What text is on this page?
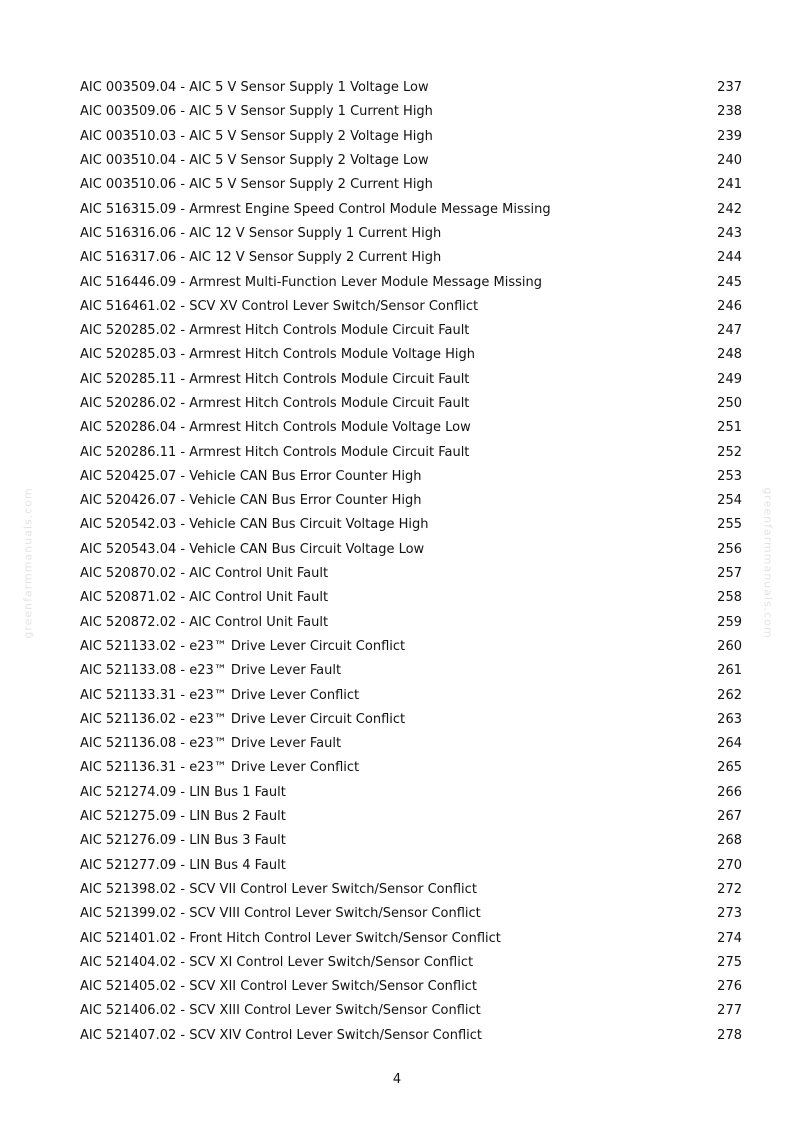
AIC 003509.04 - AIC 5 V Sensor Supply 1 Voltage Low	237
AIC 003509.06 - AIC 5 V Sensor Supply 1 Current High	238
AIC 003510.03 - AIC 5 V Sensor Supply 2 Voltage High	239
AIC 003510.04 - AIC 5 V Sensor Supply 2 Voltage Low	240
AIC 003510.06 - AIC 5 V Sensor Supply 2 Current High	241
AIC 516315.09 - Armrest Engine Speed Control Module Message Missing	242
AIC 516316.06 - AIC 12 V Sensor Supply 1 Current High	243
AIC 516317.06 - AIC 12 V Sensor Supply 2 Current High	244
AIC 516446.09 - Armrest Multi-Function Lever Module Message Missing	245
AIC 516461.02 - SCV XV Control Lever Switch/Sensor Conflict	246
AIC 520285.02 - Armrest Hitch Controls Module Circuit Fault	247
AIC 520285.03 - Armrest Hitch Controls Module Voltage High	248
AIC 520285.11 - Armrest Hitch Controls Module Circuit Fault	249
AIC 520286.02 - Armrest Hitch Controls Module Circuit Fault	250
AIC 520286.04 - Armrest Hitch Controls Module Voltage Low	251
AIC 520286.11 - Armrest Hitch Controls Module Circuit Fault	252
AIC 520425.07 - Vehicle CAN Bus Error Counter High	253
AIC 520426.07 - Vehicle CAN Bus Error Counter High	254
AIC 520542.03 - Vehicle CAN Bus Circuit Voltage High	255
AIC 520543.04 - Vehicle CAN Bus Circuit Voltage Low	256
AIC 520870.02 - AIC Control Unit Fault	257
AIC 520871.02 - AIC Control Unit Fault	258
AIC 520872.02 - AIC Control Unit Fault	259
AIC 521133.02 - e23™ Drive Lever Circuit Conflict	260
AIC 521133.08 - e23™ Drive Lever Fault	261
AIC 521133.31 - e23™ Drive Lever Conflict	262
AIC 521136.02 - e23™ Drive Lever Circuit Conflict	263
AIC 521136.08 - e23™ Drive Lever Fault	264
AIC 521136.31 - e23™ Drive Lever Conflict	265
AIC 521274.09 - LIN Bus 1 Fault	266
AIC 521275.09 - LIN Bus 2 Fault	267
AIC 521276.09 - LIN Bus 3 Fault	268
AIC 521277.09 - LIN Bus 4 Fault	270
AIC 521398.02 - SCV VII Control Lever Switch/Sensor Conflict	272
AIC 521399.02 - SCV VIII Control Lever Switch/Sensor Conflict	273
AIC 521401.02 - Front Hitch Control Lever Switch/Sensor Conflict	274
AIC 521404.02 - SCV XI Control Lever Switch/Sensor Conflict	275
AIC 521405.02 - SCV XII Control Lever Switch/Sensor Conflict	276
AIC 521406.02 - SCV XIII Control Lever Switch/Sensor Conflict	277
AIC 521407.02 - SCV XIV Control Lever Switch/Sensor Conflict	278
4
greenfarmmanuals.com	greenfarmmanuals.com
